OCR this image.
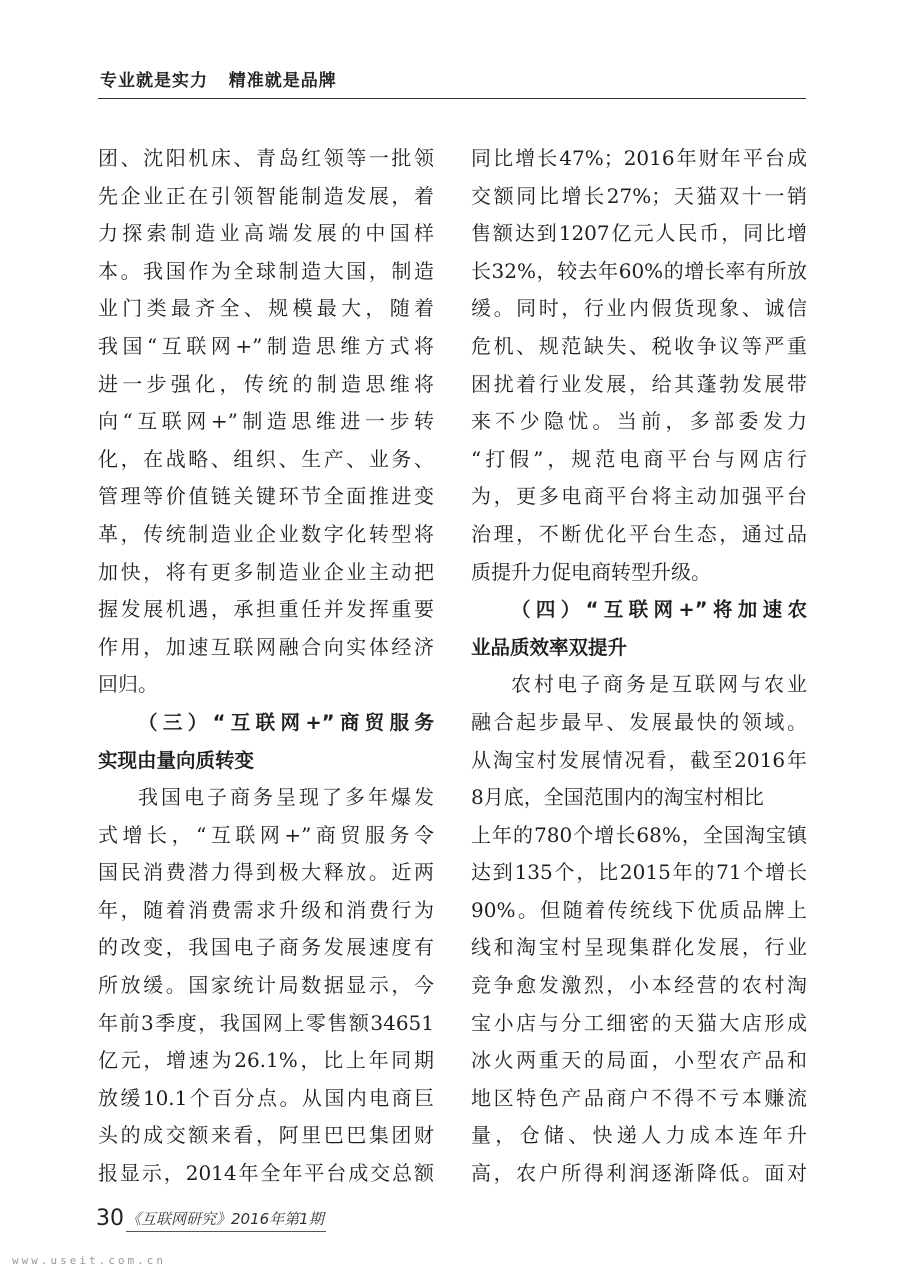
专业就是实力   精准就是品牌
团、沈阳机床、青岛红领等一批领
先企业正在引领智能制造发展，着
力探索制造业高端发展的中国样
本。我国作为全球制造大国，制造
业门类最齐全、规模最大，随着
我国“互联网+”制造思维方式将
进一步强化，传统的制造思维将
向“互联网+”制造思维进一步转
化，在战略、组织、生产、业务、
管理等价值链关键环节全面推进变
革，传统制造业企业数字化转型将
加快，将有更多制造业企业主动把
握发展机遇，承担重任并发挥重要
作用，加速互联网融合向实体经济
回归。
（三）“互联网+”商贸服务
实现由量向质转变
我国电子商务呈现了多年爆发
式增长，“互联网+”商贸服务令
国民消费潜力得到极大释放。近两
年，随着消费需求升级和消费行为
的改变，我国电子商务发展速度有
所放缓。国家统计局数据显示，今
年前3季度，我国网上零售额34651
亿元，增速为26.1%，比上年同期
放缓10.1个百分点。从国内电商巨
头的成交额来看，阿里巴巴集团财
报显示，2014年全年平台成交总额
同比增长47%；2016年财年平台成
交额同比增长27%；天猫双十一销
售额达到1207亿元人民币，同比增
长32%，较去年60%的增长率有所放
缓。同时，行业内假货现象、诚信
危机、规范缺失、税收争议等严重
困扰着行业发展，给其蓬勃发展带
来不少隐忧。当前，多部委发力
“打假”，规范电商平台与网店行
为，更多电商平台将主动加强平台
治理，不断优化平台生态，通过品
质提升力促电商转型升级。
（四）“互联网+”将加速农
业品质效率双提升
农村电子商务是互联网与农业
融合起步最早、发展最快的领域。
从淘宝村发展情况看，截至2016年
8月底，全国范围内的淘宝村相比
上年的780个增长68%，全国淘宝镇
达到135个，比2015年的71个增长
90%。但随着传统线下优质品牌上
线和淘宝村呈现集群化发展，行业
竞争愈发激烈，小本经营的农村淘
宝小店与分工细密的天猫大店形成
冰火两重天的局面，小型农产品和
地区特色产品商户不得不亏本赚流
量，仓储、快递人力成本连年升
高，农户所得利润逐渐降低。面对
30 《互联网研究》2016年第1期
www.useit.com.cn
